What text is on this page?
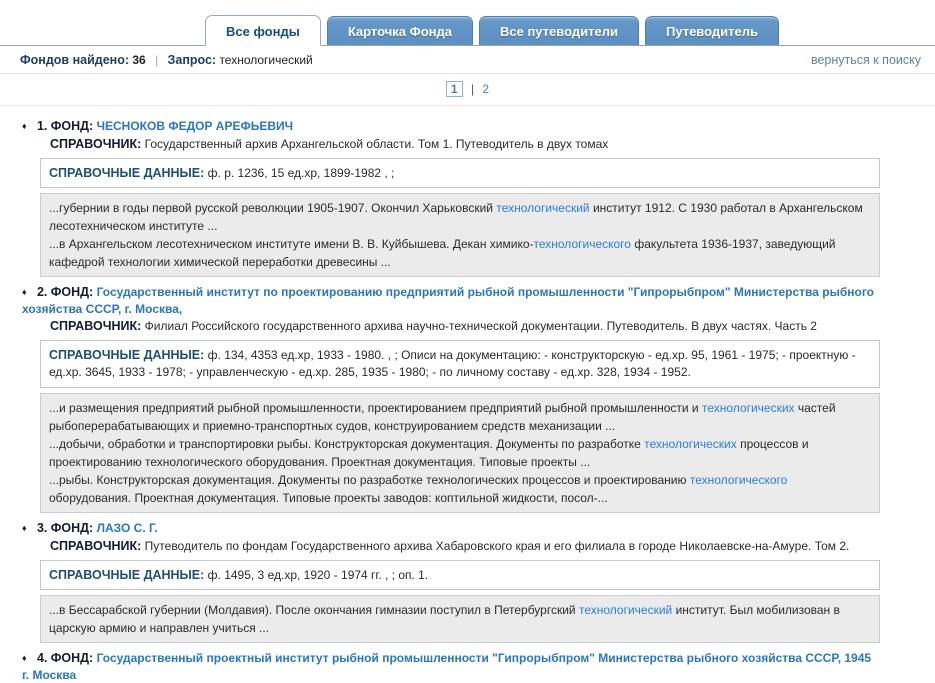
Все фонды	Карточка Фонда	Все путеводители	Путеводитель
Фондов найдено: 36 | Запрос: технологический	вернуться к поиску
1 | 2
♦ 1. ФОНД: ЧЕСНОКОВ ФЕДОР АРЕФЬЕВИЧ
СПРАВОЧНИК: Государственный архив Архангельской области. Том 1. Путеводитель в двух томах
СПРАВОЧНЫЕ ДАННЫЕ: ф. р. 1236, 15 ед.хр, 1899-1982 , ;
...губернии в годы первой русской революции 1905-1907. Окончил Харьковский технологический институт 1912. С 1930 работал в Архангельском лесотехническом институте ...
...в Архангельском лесотехническом институте имени В. В. Куйбышева. Декан химико-технологического факультета 1936-1937, заведующий кафедрой технологии химической переработки древесины ...
♦ 2. ФОНД: Государственный институт по проектированию предприятий рыбной промышленности "Гипрорыбпром" Министерства рыбного хозяйства СССР, г. Москва,
СПРАВОЧНИК: Филиал Российского государственного архива научно-технической документации. Путеводитель. В двух частях. Часть 2
СПРАВОЧНЫЕ ДАННЫЕ: ф. 134, 4353 ед.хр, 1933 - 1980. , ; Описи на документацию: - конструкторскую - ед.хр. 95, 1961 - 1975; - проектную - ед.хр. 3645, 1933 - 1978; - управленческую - ед.хр. 285, 1935 - 1980; - по личному составу - ед.хр. 328, 1934 - 1952.
...и размещения предприятий рыбной промышленности, проектированием предприятий рыбной промышленности и технологических частей рыбоперерабатывающих и приемно-транспортных судов, конструированием средств механизации ...
...добычи, обработки и транспортировки рыбы. Конструкторская документация. Документы по разработке технологических процессов и проектированию технологического оборудования. Проектная документация. Типовые проекты ...
...рыбы. Конструкторская документация. Документы по разработке технологических процессов и проектированию технологического оборудования. Проектная документация. Типовые проекты заводов: коптильной жидкости, посол-...
♦ 3. ФОНД: ЛАЗО С. Г.
СПРАВОЧНИК: Путеводитель по фондам Государственного архива Хабаровского края и его филиала в городе Николаевске-на-Амуре. Том 2.
СПРАВОЧНЫЕ ДАННЫЕ: ф. 1495, 3 ед.хр, 1920 - 1974 гг. , ; оп. 1.
...в Бессарабской губернии (Молдавия). После окончания гимназии поступил в Петербургский технологический институт. Был мобилизован в царскую армию и направлен учиться ...
♦ 4. ФОНД: Государственный проектный институт рыбной промышленности "Гипрорыбпром" Министерства рыбного хозяйства СССР, 1945 г. Москва
